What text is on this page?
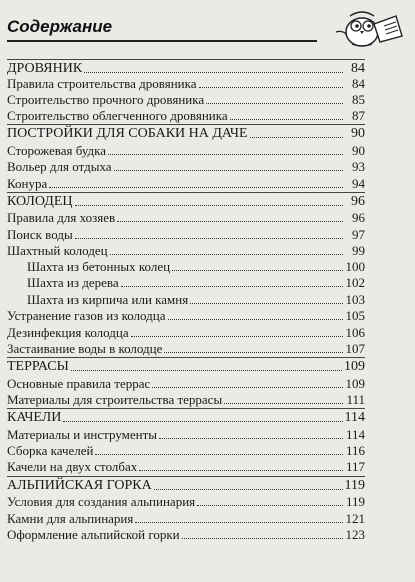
Содержание
ДРОВЯНИК	84
Правила строительства дровяника	84
Строительство прочного дровяника	85
Строительство облегченного дровяника	87
ПОСТРОЙКИ ДЛЯ СОБАКИ НА ДАЧЕ	90
Сторожевая будка	90
Вольер для отдыха	93
Конура	94
КОЛОДЕЦ	96
Правила для хозяев	96
Поиск воды	97
Шахтный колодец	99
Шахта из бетонных колец	100
Шахта из дерева	102
Шахта из кирпича или камня	103
Устранение газов из колодца	105
Дезинфекция колодца	106
Застаивание воды в колодце	107
ТЕРРАСЫ	109
Основные правила террас	109
Материалы для строительства террасы	111
КАЧЕЛИ	114
Материалы и инструменты	114
Сборка качелей	116
Качели на двух столбах	117
АЛЬПИЙСКАЯ ГОРКА	119
Условия для создания альпинария	119
Камни для альпинария	121
Оформление альпийской горки	123
